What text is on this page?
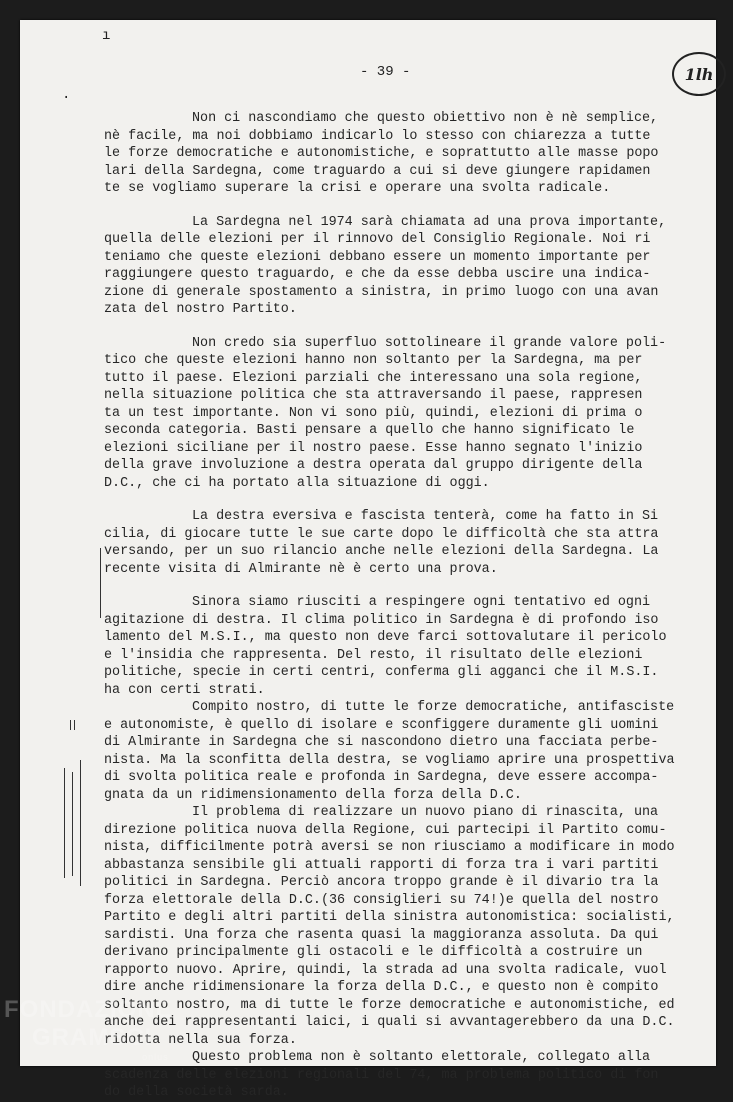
ı
·
- 39 -	1lh
Non ci nascondiamo che questo obiettivo non è nè semplice,
nè facile, ma noi dobbiamo indicarlo lo stesso con chiarezza a tutte
le forze democratiche e autonomistiche, e soprattutto alle masse popo
lari della Sardegna, come traguardo a cui si deve giungere rapidamen
te se vogliamo superare la crisi e operare una svolta radicale.
La Sardegna nel 1974 sarà chiamata ad una prova importante,
quella delle elezioni per il rinnovo del Consiglio Regionale. Noi ri
teniamo che queste elezioni debbano essere un momento importante per
raggiungere questo traguardo, e che da esse debba uscire una indica-
zione di generale spostamento a sinistra, in primo luogo con una avan
zata del nostro Partito.
Non credo sia superfluo sottolineare il grande valore poli-
tico che queste elezioni hanno non soltanto per la Sardegna, ma per
tutto il paese. Elezioni parziali che interessano una sola regione,
nella situazione politica che sta attraversando il paese, rappresen
ta un test importante. Non vi sono più, quindi, elezioni di prima o
seconda categoria. Basti pensare a quello che hanno significato le
elezioni siciliane per il nostro paese. Esse hanno segnato l'inizio
della grave involuzione a destra operata dal gruppo dirigente della
D.C., che ci ha portato alla situazione di oggi.
La destra eversiva e fascista tenterà, come ha fatto in Si
cilia, di giocare tutte le sue carte dopo le difficoltà che sta attra
versando, per un suo rilancio anche nelle elezioni della Sardegna. La
recente visita di Almirante nè è certo una prova.
Sinora siamo riusciti a respingere ogni tentativo ed ogni
agitazione di destra. Il clima politico in Sardegna è di profondo iso
lamento del M.S.I., ma questo non deve farci sottovalutare il pericolo
e l'insidia che rappresenta. Del resto, il risultato delle elezioni
politiche, specie in certi centri, conferma gli agganci che il M.S.I.
ha con certi strati.
Compito nostro, di tutte le forze democratiche, antifasciste
e autonomiste, è quello di isolare e sconfiggere duramente gli uomini
di Almirante in Sardegna che si nascondono dietro una facciata perbe-
nista. Ma la sconfitta della destra, se vogliamo aprire una prospettiva
di svolta politica reale e profonda in Sardegna, deve essere accompa-
gnata da un ridimensionamento della forza della D.C.
Il problema di realizzare un nuovo piano di rinascita, una
direzione politica nuova della Regione, cui partecipi il Partito comu-
nista, difficilmente potrà aversi se non riusciamo a modificare in modo
abbastanza sensibile gli attuali rapporti di forza tra i vari partiti
politici in Sardegna. Perciò ancora troppo grande è il divario tra la
forza elettorale della D.C.(36 consiglieri su 74!)e quella del nostro
Partito e degli altri partiti della sinistra autonomistica: socialisti,
sardisti. Una forza che rasenta quasi la maggioranza assoluta. Da qui
derivano principalmente gli ostacoli e le difficoltà a costruire un
rapporto nuovo. Aprire, quindi, la strada ad una svolta radicale, vuol
dire anche ridimensionare la forza della D.C., e questo non è compito
soltanto nostro, ma di tutte le forze democratiche e autonomistiche, ed
anche dei rappresentanti laici, i quali si avvantagerebbero da una D.C.
ridotta nella sua forza.
Questo problema non è soltanto elettorale, collegato alla
scadenza delle elezioni regionali del 74, ma problema politico di fon
do della società sarda.
FONDAZIONE
GRAMSCI
onlus
